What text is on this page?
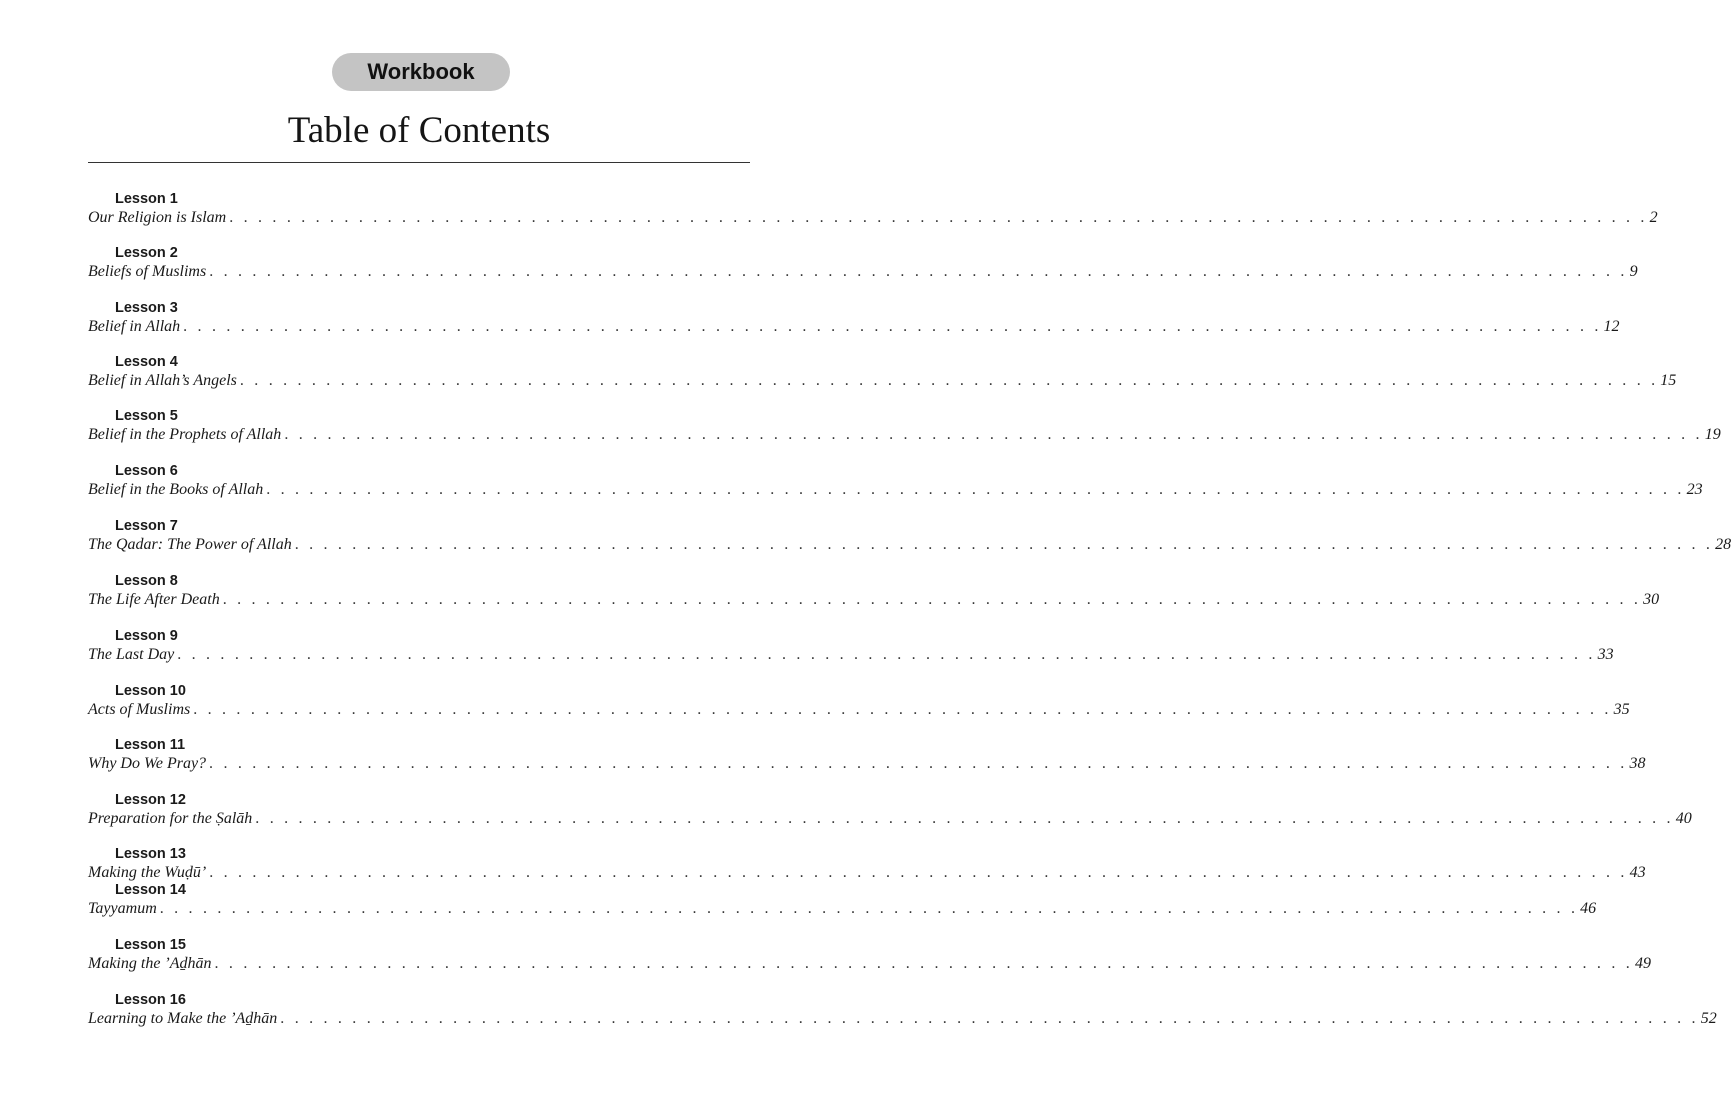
Workbook
Table of Contents
Lesson 1
Our Religion is Islam . . . . . . . . . . . . . . . . . . . . . . . . . . . . . . . . . . . . . . . . . . . . . . . . . . . . . . . . . . . . . . . . . . . . . . . . . . . . . . . . . . . . . . . . . . . . . . . . . . . 2
Lesson 2
Beliefs of Muslims . . . . . . . . . . . . . . . . . . . . . . . . . . . . . . . . . . . . . . . . . . . . . . . . . . . . . . . . . . . . . . . . . . . . . . . . . . . . . . . . . . . . . . . . . . . . . . . . . . . 9
Lesson 3
Belief in Allah . . . . . . . . . . . . . . . . . . . . . . . . . . . . . . . . . . . . . . . . . . . . . . . . . . . . . . . . . . . . . . . . . . . . . . . . . . . . . . . . . . . . . . . . . . . . . . . . . . . 12
Lesson 4
Belief in Allah’s Angels . . . . . . . . . . . . . . . . . . . . . . . . . . . . . . . . . . . . . . . . . . . . . . . . . . . . . . . . . . . . . . . . . . . . . . . . . . . . . . . . . . . . . . . . . . . . . . . . . . . 15
Lesson 5
Belief in the Prophets of Allah . . . . . . . . . . . . . . . . . . . . . . . . . . . . . . . . . . . . . . . . . . . . . . . . . . . . . . . . . . . . . . . . . . . . . . . . . . . . . . . . . . . . . . . . . . . . . . . . . . . 19
Lesson 6
Belief in the Books of Allah . . . . . . . . . . . . . . . . . . . . . . . . . . . . . . . . . . . . . . . . . . . . . . . . . . . . . . . . . . . . . . . . . . . . . . . . . . . . . . . . . . . . . . . . . . . . . . . . . . . 23
Lesson 7
The Qadar: The Power of Allah . . . . . . . . . . . . . . . . . . . . . . . . . . . . . . . . . . . . . . . . . . . . . . . . . . . . . . . . . . . . . . . . . . . . . . . . . . . . . . . . . . . . . . . . . . . . . . . . . . . 28
Lesson 8
The Life After Death . . . . . . . . . . . . . . . . . . . . . . . . . . . . . . . . . . . . . . . . . . . . . . . . . . . . . . . . . . . . . . . . . . . . . . . . . . . . . . . . . . . . . . . . . . . . . . . . . . . 30
Lesson 9
The Last Day . . . . . . . . . . . . . . . . . . . . . . . . . . . . . . . . . . . . . . . . . . . . . . . . . . . . . . . . . . . . . . . . . . . . . . . . . . . . . . . . . . . . . . . . . . . . . . . . . . . 33
Lesson 10
Acts of Muslims . . . . . . . . . . . . . . . . . . . . . . . . . . . . . . . . . . . . . . . . . . . . . . . . . . . . . . . . . . . . . . . . . . . . . . . . . . . . . . . . . . . . . . . . . . . . . . . . . . . 35
Lesson 11
Why Do We Pray? . . . . . . . . . . . . . . . . . . . . . . . . . . . . . . . . . . . . . . . . . . . . . . . . . . . . . . . . . . . . . . . . . . . . . . . . . . . . . . . . . . . . . . . . . . . . . . . . . . . 38
Lesson 12
Preparation for the Ṣalāh . . . . . . . . . . . . . . . . . . . . . . . . . . . . . . . . . . . . . . . . . . . . . . . . . . . . . . . . . . . . . . . . . . . . . . . . . . . . . . . . . . . . . . . . . . . . . . . . . . . 40
Lesson 13
Making the Wuḍū’ . . . . . . . . . . . . . . . . . . . . . . . . . . . . . . . . . . . . . . . . . . . . . . . . . . . . . . . . . . . . . . . . . . . . . . . . . . . . . . . . . . . . . . . . . . . . . . . . . . . 43
Lesson 14
Tayyamum . . . . . . . . . . . . . . . . . . . . . . . . . . . . . . . . . . . . . . . . . . . . . . . . . . . . . . . . . . . . . . . . . . . . . . . . . . . . . . . . . . . . . . . . . . . . . . . . . . . 46
Lesson 15
Making the ’Aḏhān . . . . . . . . . . . . . . . . . . . . . . . . . . . . . . . . . . . . . . . . . . . . . . . . . . . . . . . . . . . . . . . . . . . . . . . . . . . . . . . . . . . . . . . . . . . . . . . . . . . 49
Lesson 16
Learning to Make the ’Aḏhān . . . . . . . . . . . . . . . . . . . . . . . . . . . . . . . . . . . . . . . . . . . . . . . . . . . . . . . . . . . . . . . . . . . . . . . . . . . . . . . . . . . . . . . . . . . . . . . . . . . 52
